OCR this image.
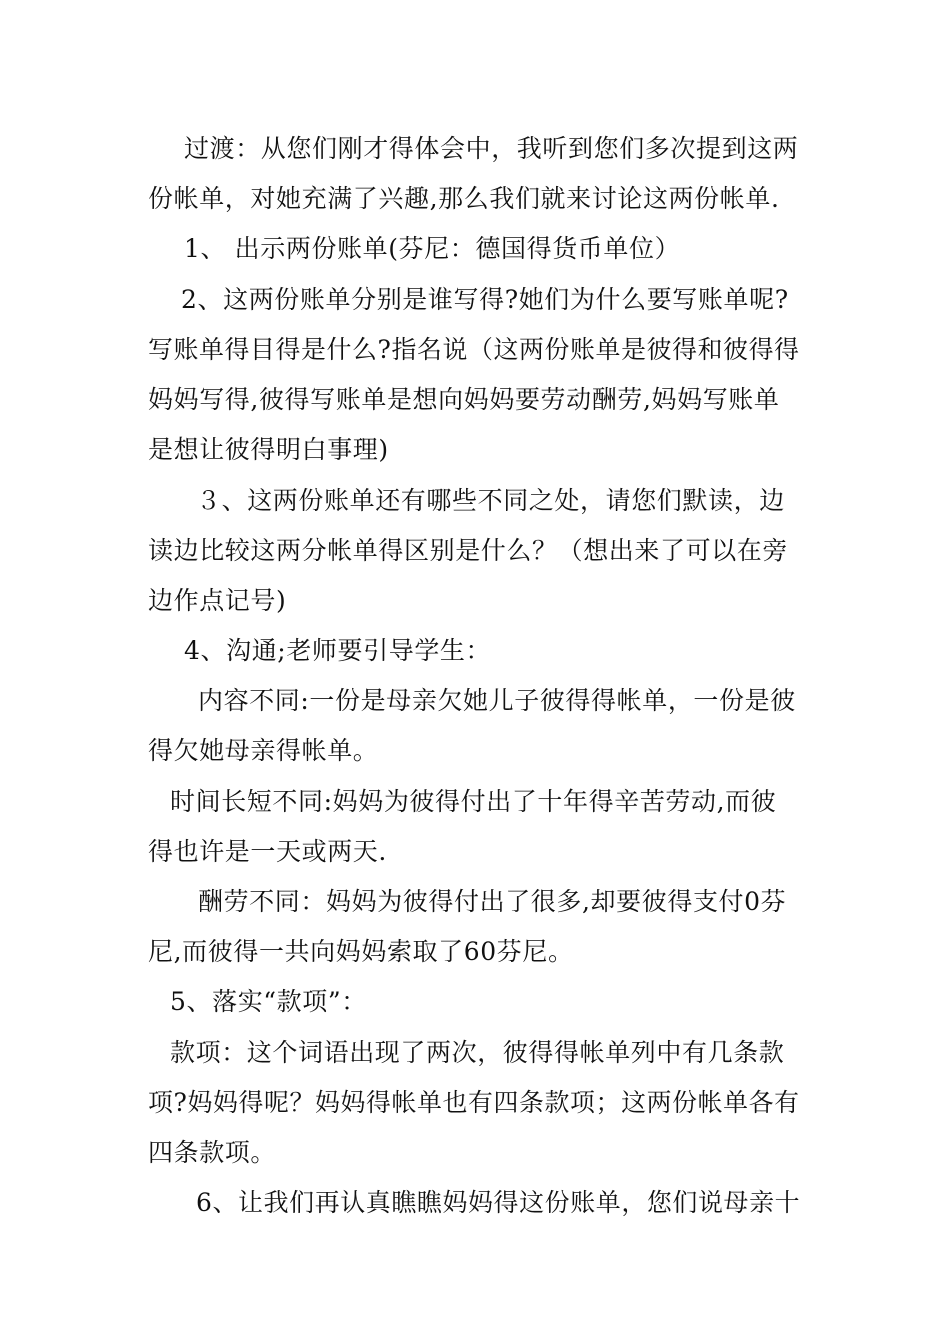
过渡：从您们刚才得体会中，我听到您们多次提到这两
份帐单，对她充满了兴趣,那么我们就来讨论这两份帐单.
1、 出示两份账单(芬尼：德国得货币单位）
2、这两份账单分别是谁写得?她们为什么要写账单呢?
写账单得目得是什么?指名说（这两份账单是彼得和彼得得
妈妈写得,彼得写账单是想向妈妈要劳动酬劳,妈妈写账单
是想让彼得明白事理)
３、这两份账单还有哪些不同之处，请您们默读，边
读边比较这两分帐单得区别是什么？（想出来了可以在旁
边作点记号)
4、沟通;老师要引导学生：
内容不同:一份是母亲欠她儿子彼得得帐单，一份是彼
得欠她母亲得帐单。
时间长短不同:妈妈为彼得付出了十年得辛苦劳动,而彼
得也许是一天或两天.
酬劳不同：妈妈为彼得付出了很多,却要彼得支付0芬
尼,而彼得一共向妈妈索取了60芬尼。
5、落实“款项”：
款项：这个词语出现了两次，彼得得帐单列中有几条款
项?妈妈得呢？妈妈得帐单也有四条款项；这两份帐单各有
四条款项。
6、让我们再认真瞧瞧妈妈得这份账单，您们说母亲十
